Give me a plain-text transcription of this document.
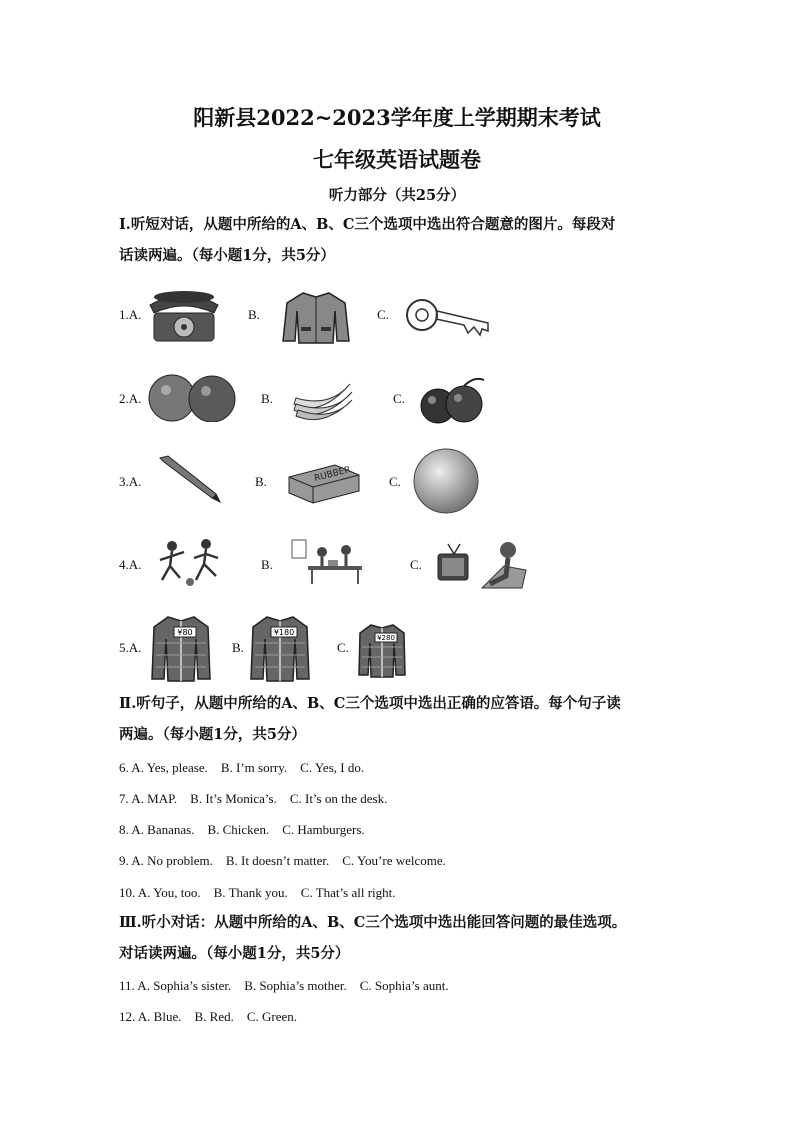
阳新县2022~2023学年度上学期期末考试
七年级英语试题卷
听力部分（共25分）
Ⅰ.听短对话，从题中所给的A、B、C三个选项中选出符合题意的图片。每段对
话读两遍。（每小题1分，共5分）
1.A.	B.	C.
2.A.	B.	C.
3.A.	B.	RUBBER	C.
4.A.	B.	C.
5.A.
¥80
B.
¥180
C.
¥280
Ⅱ.听句子，从题中所给的A、B、C三个选项中选出正确的应答语。每个句子读
两遍。（每小题1分，共5分）
6. A. Yes, please.    B. I’m sorry.    C. Yes, I do.
7. A. MAP.    B. It’s Monica’s.    C. It’s on the desk.
8. A. Bananas.    B. Chicken.    C. Hamburgers.
9. A. No problem.    B. It doesn’t matter.    C. You’re welcome.
10. A. You, too.    B. Thank you.    C. That’s all right.
Ⅲ.听小对话：从题中所给的A、B、C三个选项中选出能回答问题的最佳选项。
对话读两遍。（每小题1分，共5分）
11. A. Sophia’s sister.    B. Sophia’s mother.    C. Sophia’s aunt.
12. A. Blue.    B. Red.    C. Green.
